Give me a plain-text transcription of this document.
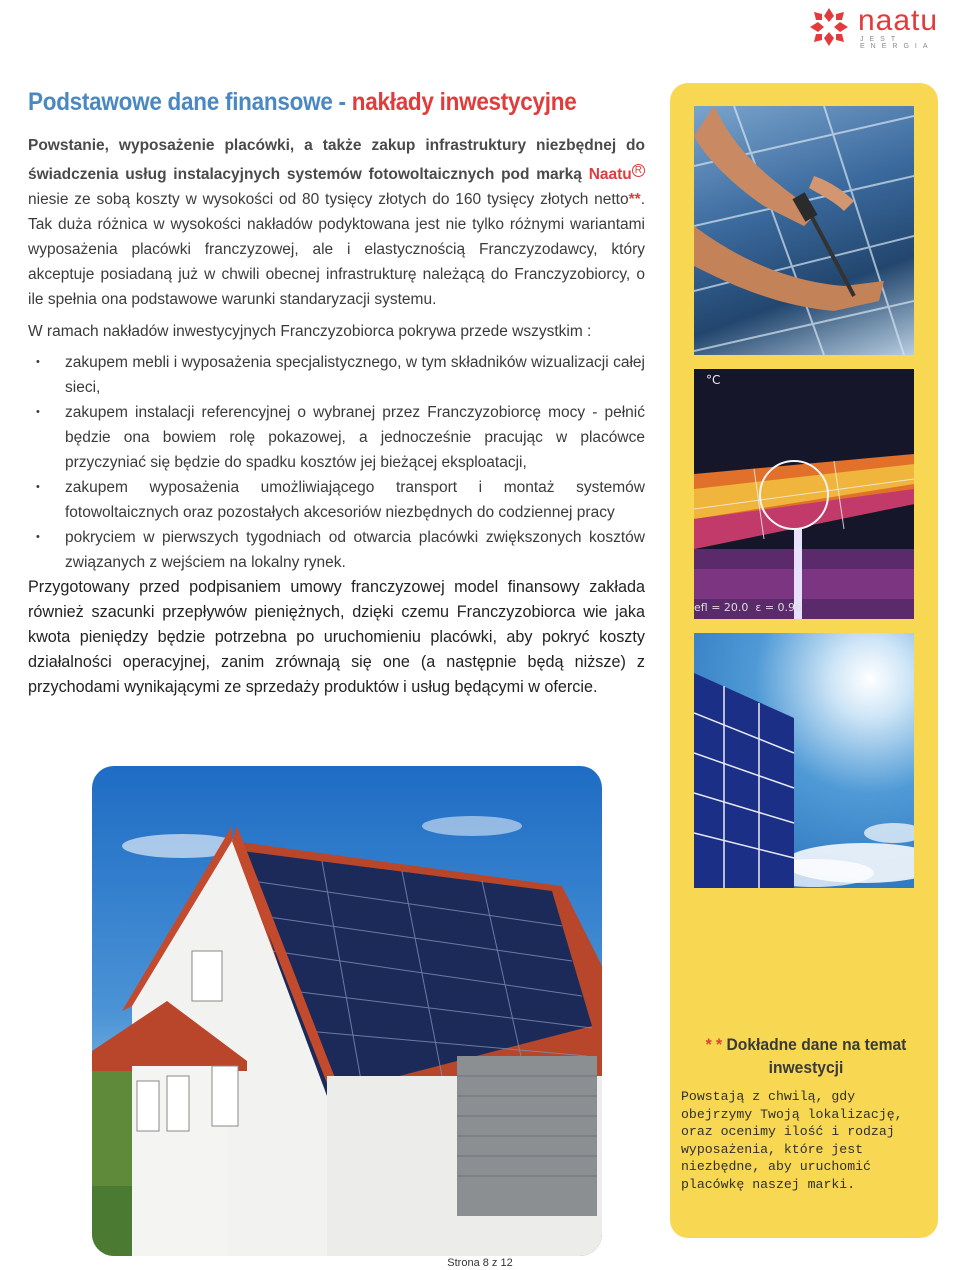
naatu
JEST ENERGIA
Podstawowe dane finansowe - nakłady inwestycyjne

Powstanie, wyposażenie placówki, a także zakup infrastruktury niezbędnej do świadczenia usług instalacyjnych systemów fotowoltaicznych pod marką Naatu $^R$ niesie ze sobą koszty w wysokości od 80 tysięcy złotych do 160 tysięcy złotych netto**. Tak duża różnica w wysokości nakładów podyktowana jest nie tylko różnymi wariantami wyposażenia placówki franczyzowej, ale i elastycznością Franczyzodawcy, który akceptuje posiadaną już w chwili obecnej infrastrukturę należącą do Franczyzobiorcy, o ile spełnia ona podstawowe warunki standaryzacji systemu.

W ramach nakładów inwestycyjnych Franczyzobiorca pokrywa przede wszystkim :

• zakupem mebli i wyposażenia specjalistycznego, w tym składników wizualizacji całej sieci,
• zakupem instalacji referencyjnej o wybranej przez Franczyzobiorcę mocy - pełnić będzie ona bowiem rolę pokazowej, a jednocześnie pracując w placówce przyczyniać się będzie do spadku kosztów jej bieżącej eksploatacji,
• zakupem wyposażenia umożliwiającego transport i montaż systemów fotowoltaicznych oraz pozostałych akcesoriów niezbędnych do codziennej pracy
• pokryciem w pierwszych tygodniach od otwarcia placówki zwiększonych kosztów związanych z wejściem na lokalny rynek.

Przygotowany przed podpisaniem umowy franczyzowej model finansowy zakłada również szacunki przepływów pieniężnych, dzięki czemu Franczyzobiorca wie jaka kwota pieniędzy będzie potrzebna po uruchomieniu placówki, aby pokryć koszty działalności operacyjnej, zanim zrównają się one (a następnie będą niższe) z przychodami wynikającymi ze sprzedaży produktów i usług będącymi w ofercie.

°C
efl = 20.0  ε = 0.96
* * Dokładne dane na temat inwestycji
Powstają z chwilą, gdy obejrzymy Twoją lokalizację, oraz ocenimy ilość i rodzaj wyposażenia, które jest niezbędne, aby uruchomić placówkę naszej marki.
Strona 8 z 12
